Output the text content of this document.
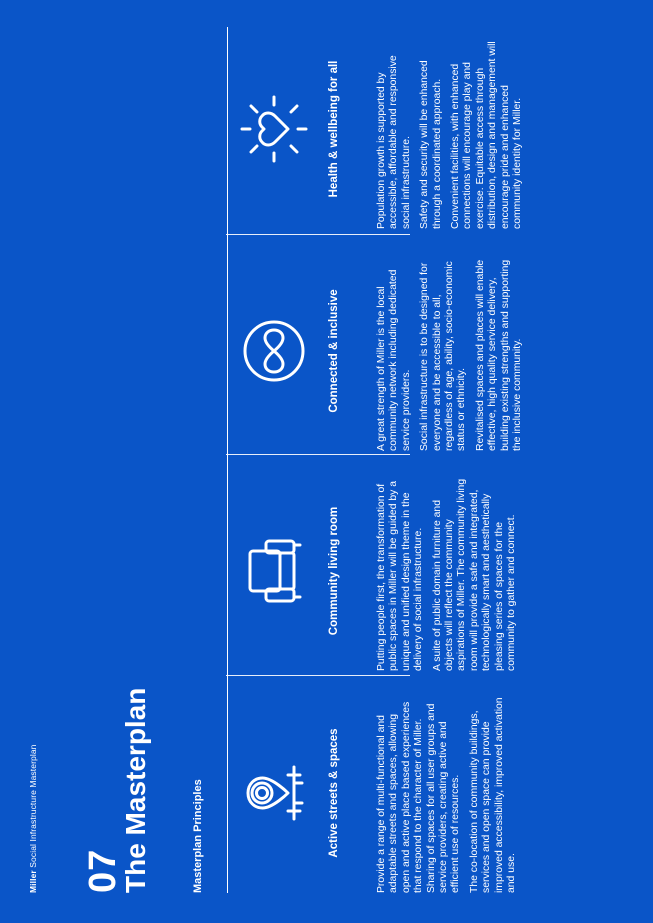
Miller Social Infrastructure Masterplan
07
The Masterplan	Masterplan Principles	Active streets & spaces	Provide a range of multi-functional and adaptable streets and spaces, allowing open and active place based experiences that respond to the character of Miller. Sharing of spaces for all user groups and service providers, creating active and efficient use of resources. The co-location of community buildings, services and open space can provide improved accessibility, improved activation and use.

Community living room	Putting people first, the transformation of public spaces in Miller will be guided by a unique and unified design theme in the delivery of social infrastructure. A suite of public domain furniture and objects will reflect the community aspirations of Miller. The community living room will provide a safe and integrated, technologically smart and aesthetically pleasing series of spaces for the community to gather and connect.

Connected & inclusive	A great strength of Miller is the local community network including dedicated service providers. Social infrastructure is to be designed for everyone and be accessible to all, regardless of age, ability, socio-economic status or ethnicity. Revitalised spaces and places will enable effective, high quality service delivery, building existing strengths and supporting the inclusive community.

Health & wellbeing for all	Population growth is supported by accessible, affordable and responsive social infrastructure. Safety and security will be enhanced through a coordinated approach. Convenient facilities, with enhanced connections will encourage play and exercise. Equitable access through distribution, design and management will encourage pride and enhanced community identity for Miller.
